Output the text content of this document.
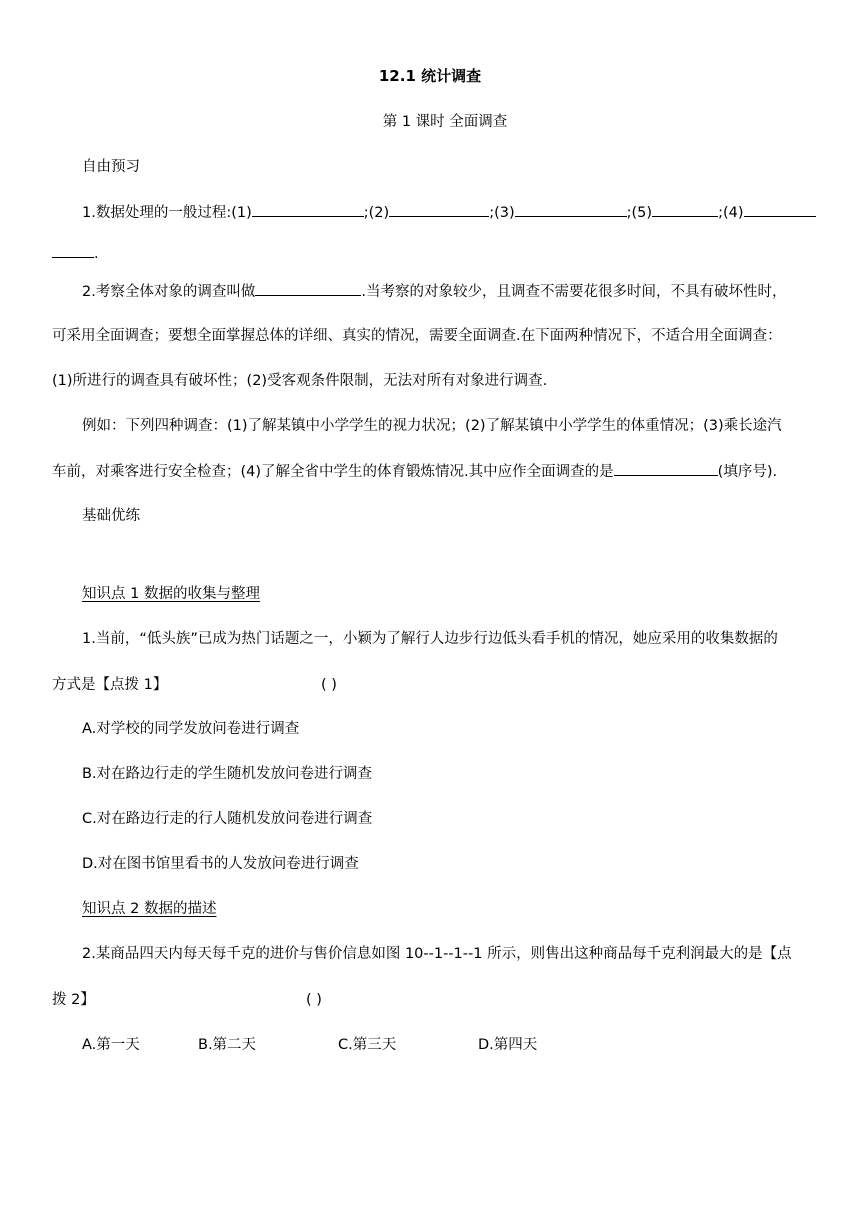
12.1 统计调查
第 1 课时 全面调查
自由预习
1.数据处理的一般过程:(1)	;(2)	;(3)	;(5)	;(4)
.
2.考察全体对象的调查叫做	.当考察的对象较少，且调查不需要花很多时间，不具有破坏性时，
可采用全面调查；要想全面掌握总体的详细、真实的情况，需要全面调查.在下面两种情况下，不适合用全面调查：
(1)所进行的调查具有破坏性；(2)受客观条件限制，无法对所有对象进行调查.
例如：下列四种调查：(1)了解某镇中小学学生的视力状况；(2)了解某镇中小学学生的体重情况；(3)乘长途汽
车前，对乘客进行安全检查；(4)了解全省中学生的体育锻炼情况.其中应作全面调查的是	(填序号).
基础优练
知识点 1 数据的收集与整理
1.当前，“低头族”已成为热门话题之一，小颖为了解行人边步行边低头看手机的情况，她应采用的收集数据的
方式是【点拨 1】	( )
A.对学校的同学发放问卷进行调查
B.对在路边行走的学生随机发放问卷进行调查
C.对在路边行走的行人随机发放问卷进行调查
D.对在图书馆里看书的人发放问卷进行调查
知识点 2 数据的描述
2.某商品四天内每天每千克的进价与售价信息如图 10--1--1--1 所示，则售出这种商品每千克利润最大的是【点
拨 2】	( )
A.第一天	B.第二天	C.第三天	D.第四天
